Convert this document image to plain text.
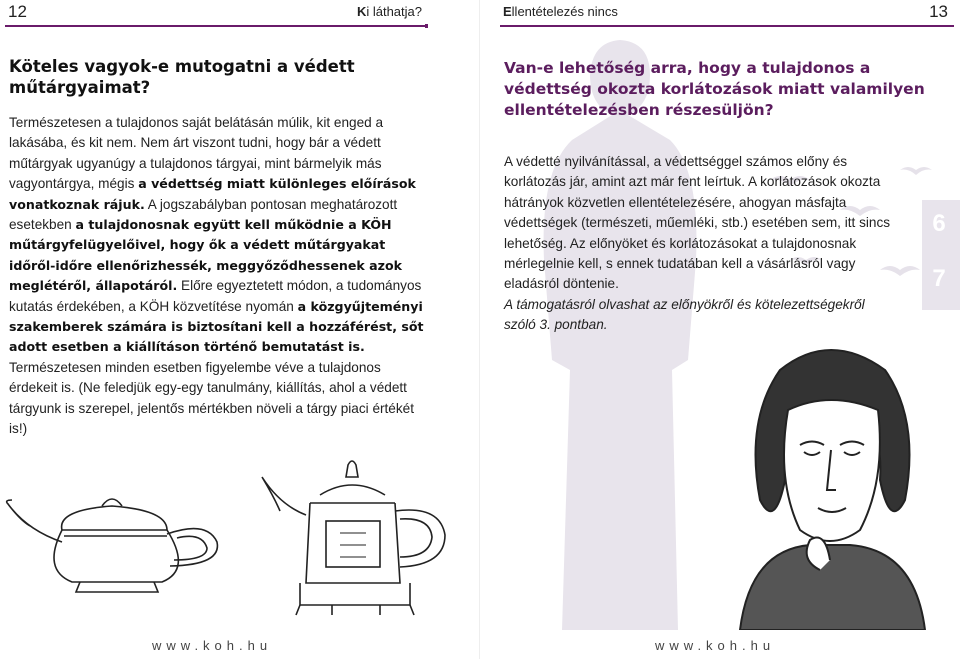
12	Ki láthatja?
Köteles vagyok-e mutogatni a védett műtárgyaimat?
Természetesen a tulajdonos saját belátásán múlik, kit enged a lakásába, és kit nem. Nem árt viszont tudni, hogy bár a védett műtárgyak ugyanúgy a tulajdonos tárgyai, mint bármelyik más vagyontárgya, mégis a védettség miatt különleges előírások vonatkoznak rájuk. A jogszabályban pontosan meghatározott esetekben a tulajdonosnak együtt kell működnie a KÖH műtárgyfelügyelőivel, hogy ők a védett műtárgyakat időről-időre ellenőrizhessék, meggyőződhessenek azok meglétéről, állapotáról. Előre egyeztetett módon, a tudományos kutatás érdekében, a KÖH közvetítése nyomán a közgyűjteményi szakemberek számára is biztosítani kell a hozzáférést, sőt adott esetben a kiállításon történő bemutatást is. Természetesen minden esetben figyelembe véve a tulajdonos érdekeit is. (Ne feledjük egy-egy tanulmány, kiállítás, ahol a védett tárgyunk is szerepel, jelentős mértékben növeli a tárgy piaci értékét is!)
www.koh.hu
Ellentételezés nincs	13
6
7
Van-e lehetőség arra, hogy a tulajdonos a védettség okozta korlátozások miatt valamilyen ellentételezésben részesüljön?
A védetté nyilvánítással, a védettséggel számos előny és korlátozás jár, amint azt már fent leírtuk. A korlátozások okozta hátrányok közvetlen ellentételezésére, ahogyan másfajta védettségek (természeti, műemléki, stb.) esetében sem, itt sincs lehetőség. Az előnyöket és korlátozásokat a tulajdonosnak mérlegelnie kell, s ennek tudatában kell a vásárlásról vagy eladásról döntenie.
A támogatásról olvashat az előnyökről és kötelezettségekről szóló 3. pontban.
www.koh.hu
